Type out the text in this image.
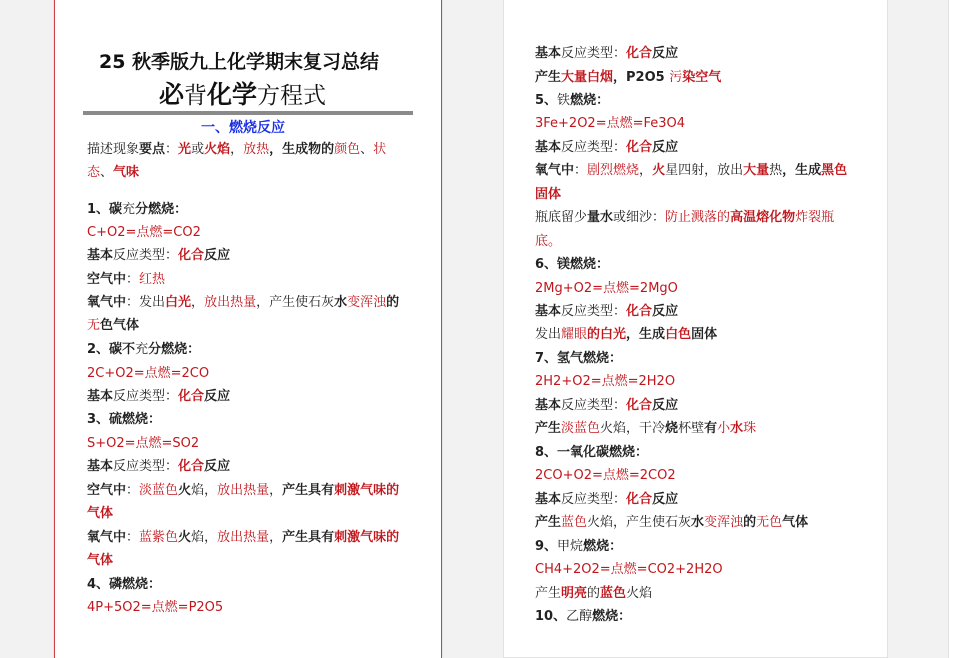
25 秋季版九上化学期末复习总结
必背化学方程式
一、燃烧反应
描述现象要点：光或火焰，放热，生成物的颜色、状
态、气味
1、碳充分燃烧：
C+O2=点燃=CO2
基本反应类型：化合反应
空气中：红热
氧气中：发出白光，放出热量，产生使石灰水变浑浊的
无色气体
2、碳不充分燃烧：
2C+O2=点燃=2CO
基本反应类型：化合反应
3、硫燃烧：
S+O2=点燃=SO2
基本反应类型：化合反应
空气中：淡蓝色火焰，放出热量，产生具有刺激气味的
气体
氧气中：蓝紫色火焰，放出热量，产生具有刺激气味的
气体
4、磷燃烧：
4P+5O2=点燃=P2O5
基本反应类型：化合反应
产生大量白烟，P2O5 污染空气
5、铁燃烧：
3Fe+2O2=点燃=Fe3O4
基本反应类型：化合反应
氧气中：剧烈燃烧，火星四射，放出大量热，生成黑色
固体
瓶底留少量水或细沙：防止溅落的高温熔化物炸裂瓶
底。
6、镁燃烧：
2Mg+O2=点燃=2MgO
基本反应类型：化合反应
发出耀眼的白光，生成白色固体
7、氢气燃烧：
2H2+O2=点燃=2H2O
基本反应类型：化合反应
产生淡蓝色火焰，干冷烧杯壁有小水珠
8、一氧化碳燃烧：
2CO+O2=点燃=2CO2
基本反应类型：化合反应
产生蓝色火焰，产生使石灰水变浑浊的无色气体
9、甲烷燃烧：
CH4+2O2=点燃=CO2+2H2O
产生明亮的蓝色火焰
10、乙醇燃烧：
